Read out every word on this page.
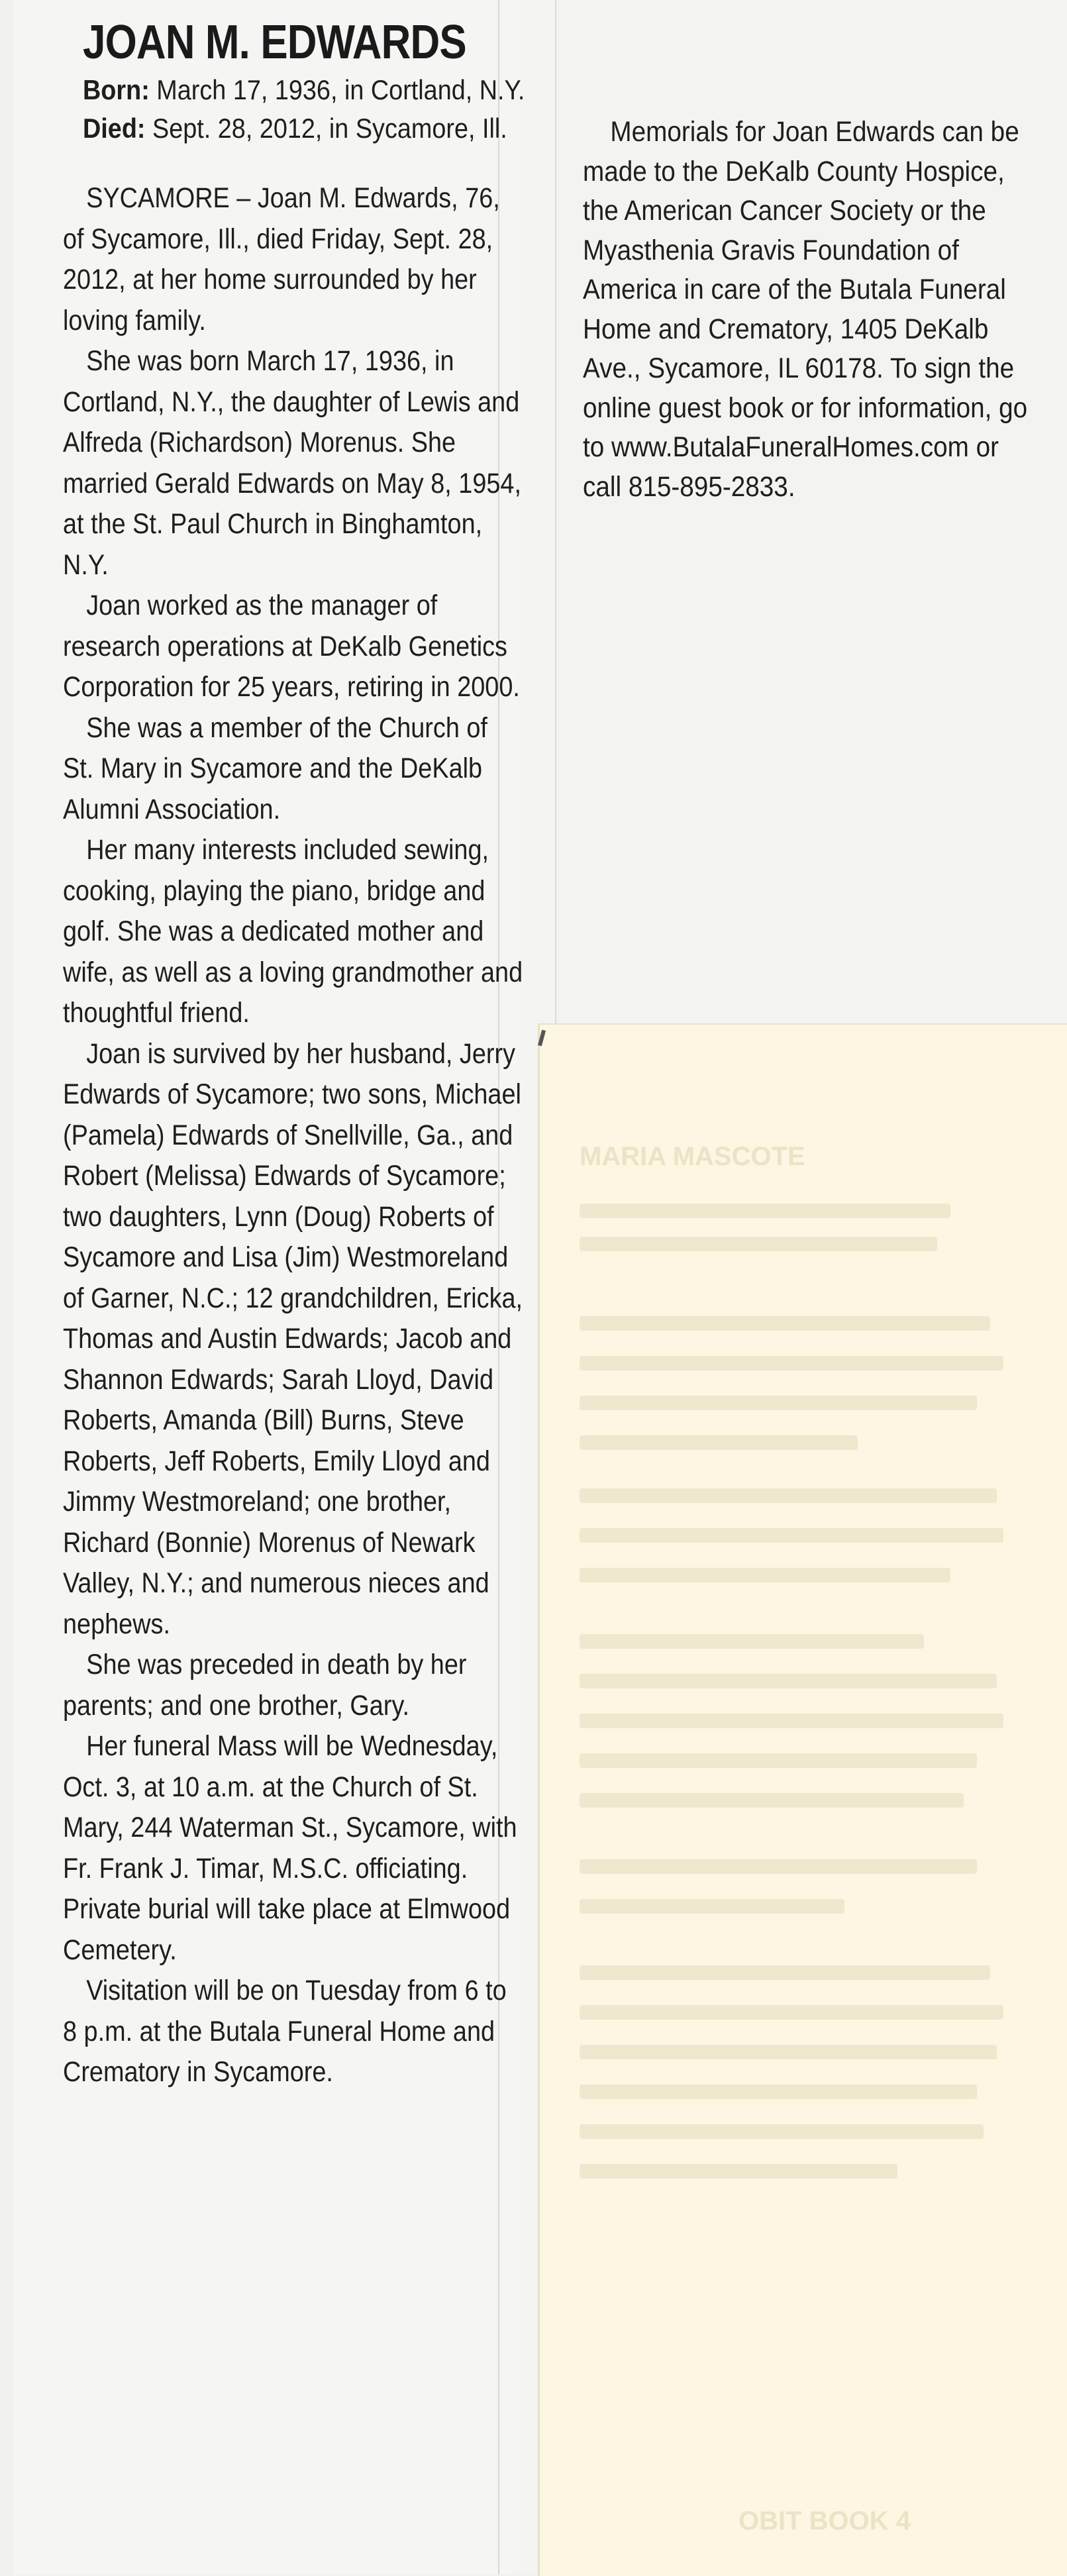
JOAN M. EDWARDS
Born: March 17, 1936, in Cortland, N.Y.
Died: Sept. 28, 2012, in Sycamore, Ill.

SYCAMORE – Joan M. Edwards, 76, of Sycamore, Ill., died Friday, Sept. 28, 2012, at her home surrounded by her loving family.

She was born March 17, 1936, in Cortland, N.Y., the daughter of Lewis and Alfreda (Richardson) Morenus. She married Gerald Edwards on May 8, 1954, at the St. Paul Church in Binghamton, N.Y.

Joan worked as the manager of research operations at DeKalb Genetics Corporation for 25 years, retiring in 2000.

She was a member of the Church of St. Mary in Sycamore and the DeKalb Alumni Association.

Her many interests included sewing, cooking, playing the piano, bridge and golf. She was a dedicated mother and wife, as well as a loving grandmother and thoughtful friend.

Joan is survived by her husband, Jerry Edwards of Sycamore; two sons, Michael (Pamela) Edwards of Snellville, Ga., and Robert (Melissa) Edwards of Sycamore; two daughters, Lynn (Doug) Roberts of Sycamore and Lisa (Jim) Westmoreland of Garner, N.C.; 12 grandchildren, Ericka, Thomas and Austin Edwards; Jacob and Shannon Edwards; Sarah Lloyd, David Roberts, Amanda (Bill) Burns, Steve Roberts, Jeff Roberts, Emily Lloyd and Jimmy Westmoreland; one brother, Richard (Bonnie) Morenus of Newark Valley, N.Y.; and numerous nieces and nephews.

She was preceded in death by her parents; and one brother, Gary.

Her funeral Mass will be Wednesday, Oct. 3, at 10 a.m. at the Church of St. Mary, 244 Waterman St., Sycamore, with Fr. Frank J. Timar, M.S.C. officiating. Private burial will take place at Elmwood Cemetery.

Visitation will be on Tuesday from 6 to 8 p.m. at the Butala Funeral Home and Crematory in Sycamore.

Memorials for Joan Edwards can be made to the DeKalb County Hospice, the American Cancer Society or the Myasthenia Gravis Foundation of America in care of the Butala Funeral Home and Crematory, 1405 DeKalb Ave., Sycamore, IL 60178. To sign the online guest book or for information, go to www.ButalaFuneralHomes.com or call 815-895-2833.

MARIA MASCOTE
OBIT BOOK 4
